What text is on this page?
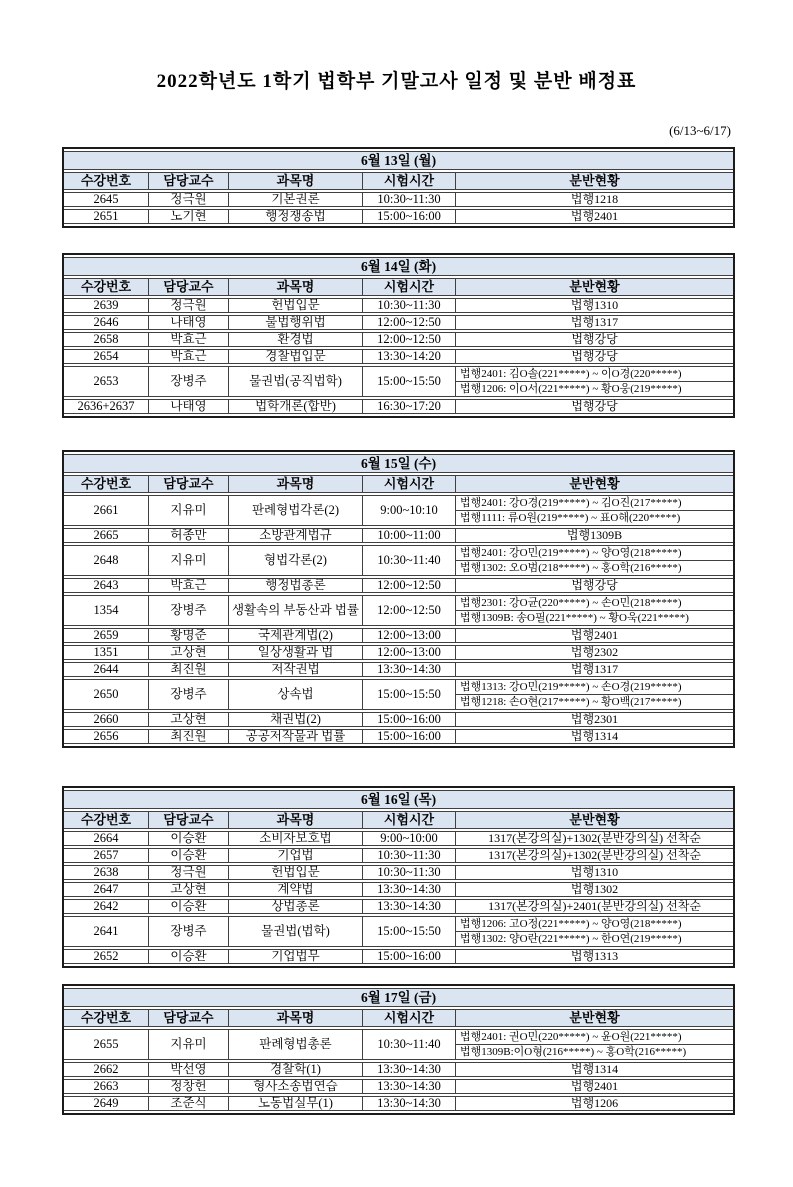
2022학년도 1학기 법학부 기말고사 일정 및 분반 배정표
(6/13~6/17)
6월 13일 (월)				
수강번호	담당교수	과목명	시험시간	분반현황
2645	정극원	기본권론	10:30~11:30	법행1218
2651	노기현	행정쟁송법	15:00~16:00	법행2401
6월 14일 (화)				
수강번호	담당교수	과목명	시험시간	분반현황
2639	정극원	헌법입문	10:30~11:30	법행1310
2646	나태영	불법행위법	12:00~12:50	법행1317
2658	박효근	환경법	12:00~12:50	법행강당
2654	박효근	경찰법입문	13:30~14:20	법행강당
2653	장병주	물권법(공직법학)	15:00~15:50	법행2401: 김O솔(221*****) ~ 이O경(220*****)
법행1206: 이O서(221*****) ~ 황O웅(219*****)

2636+2637	나태영	법학개론(합반)	16:30~17:20	법행강당
6월 15일 (수)				
수강번호	담당교수	과목명	시험시간	분반현황
2661	지유미	판례형법각론(2)	9:00~10:10	법행2401: 강O경(219*****) ~ 김O진(217*****)
법행1111: 류O원(219*****) ~ 표O해(220*****)

2665	허종만	소방관계법규	10:00~11:00	법행1309B
2648	지유미	형법각론(2)	10:30~11:40	법행2401: 강O민(219*****) ~ 양O영(218*****)
법행1302: 오O범(218*****) ~ 홍O학(216*****)

2643	박효근	행정법총론	12:00~12:50	법행강당
1354	장병주	생활속의 부동산과 법률	12:00~12:50	법행2301: 강O균(220*****) ~ 손O민(218*****)
법행1309B: 송O필(221*****) ~ 황O욱(221*****)

2659	황명준	국제관계법(2)	12:00~13:00	법행2401
1351	고상현	일상생활과 법	12:00~13:00	법행2302
2644	최진원	저작권법	13:30~14:30	법행1317
2650	장병주	상속법	15:00~15:50	법행1313: 강O민(219*****) ~ 손O경(219*****)
법행1218: 손O현(217*****) ~ 황O백(217*****)

2660	고상현	채권법(2)	15:00~16:00	법행2301
2656	최진원	공공저작물과 법률	15:00~16:00	법행1314
6월 16일 (목)				
수강번호	담당교수	과목명	시험시간	분반현황
2664	이승환	소비자보호법	9:00~10:00	1317(본강의실)+1302(분반강의실) 선착순
2657	이승환	기업법	10:30~11:30	1317(본강의실)+1302(분반강의실) 선착순
2638	정극원	헌법입문	10:30~11:30	법행1310
2647	고상현	계약법	13:30~14:30	법행1302
2642	이승환	상법총론	13:30~14:30	1317(본강의실)+2401(분반강의실) 선착순
2641	장병주	물권법(법학)	15:00~15:50	법행1206: 고O정(221*****) ~ 양O영(218*****)
법행1302: 양O란(221*****) ~ 한O연(219*****)

2652	이승환	기업법무	15:00~16:00	법행1313
6월 17일 (금)				
수강번호	담당교수	과목명	시험시간	분반현황
2655	지유미	판례형법총론	10:30~11:40	법행2401: 권O민(220*****) ~ 윤O원(221*****)
법행1309B:이O형(216*****) ~ 홍O학(216*****)

2662	박선영	경찰학(1)	13:30~14:30	법행1314
2663	정창헌	형사소송법연습	13:30~14:30	법행2401
2649	조준식	노동법실무(1)	13:30~14:30	법행1206
